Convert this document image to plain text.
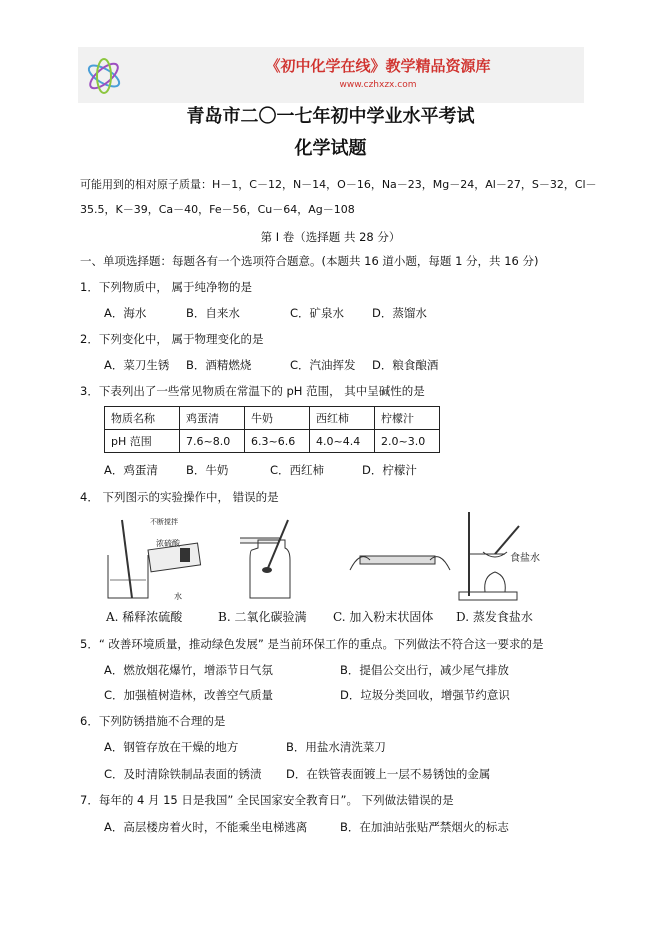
《初中化学在线》教学精品资源库
www.czhxzx.com
青岛市二〇一七年初中学业水平考试
化学试题
可能用到的相对原子质量：H－1，C－12，N－14，O－16，Na－23，Mg－24，Al－27，S－32，Cl－
35.5，K－39，Ca－40，Fe－56，Cu－64，Ag－108
第 I 卷（选择题 共 28 分）
一、单项选择题：每题各有一个选项符合题意。(本题共 16 道小题，每题 1 分，共 16 分)
1．下列物质中， 属于纯净物的是
A．海水	B．自来水	C．矿泉水 D．蒸馏水
2．下列变化中， 属于物理变化的是
A．菜刀生锈 B．酒精燃烧	C．汽油挥发 D．粮食酿酒
3．下表列出了一些常见物质在常温下的 pH 范围， 其中呈碱性的是
物质名称	鸡蛋清	牛奶	西红柿	柠檬汁
pH 范围	7.6~8.0	6.3~6.6	4.0~4.4	2.0~3.0
A．鸡蛋清 B．牛奶	C．西红柿	D．柠檬汁
4． 下列图示的实验操作中， 错误的是
不断搅拌
浓硫酸
水
食盐水
A. 稀释浓硫酸	B. 二氧化碳验满 C. 加入粉末状固体 D. 蒸发食盐水
5．“ 改善环境质量，推动绿色发展” 是当前环保工作的重点。下列做法不符合这一要求的是
A．燃放烟花爆竹，增添节日气氛	B．提倡公交出行，减少尾气排放
C．加强植树造林，改善空气质量	D．垃圾分类回收，增强节约意识
6．下列防锈措施不合理的是
A．钢管存放在干燥的地方	B．用盐水清洗菜刀
C．及时清除铁制品表面的锈渍 D．在铁管表面镀上一层不易锈蚀的金属
7．每年的 4 月 15 日是我国” 全民国家安全教育日”。 下列做法错误的是
A．高层楼房着火时，不能乘坐电梯逃离	B．在加油站张贴严禁烟火的标志
